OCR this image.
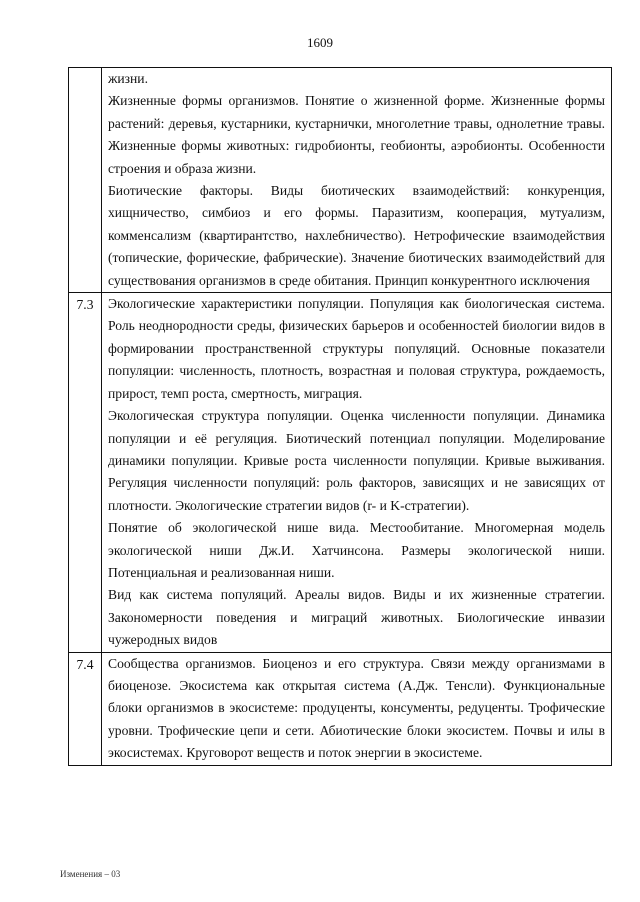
1609

	жизни.

Жизненные формы организмов. Понятие о жизненной форме. Жизненные формы растений: деревья, кустарники, кустарнички, многолетние травы, однолетние травы. Жизненные формы животных: гидробионты, геобионты, аэробионты. Особенности строения и образа жизни.

Биотические факторы. Виды биотических взаимодействий: конкуренция, хищничество, симбиоз и его формы. Паразитизм, кооперация, мутуализм, комменсализм (квартирантство, нахлебничество). Нетрофические взаимодействия (топические, форические, фабрические). Значение биотических взаимодействий для существования организмов в среде обитания. Принцип конкурентного исключения

7.3	Экологические характеристики популяции. Популяция как биологическая система. Роль неоднородности среды, физических барьеров и особенностей биологии видов в формировании пространственной структуры популяций. Основные показатели популяции: численность, плотность, возрастная и половая структура, рождаемость, прирост, темп роста, смертность, миграция.

Экологическая структура популяции. Оценка численности популяции. Динамика популяции и её регуляция. Биотический потенциал популяции. Моделирование динамики популяции. Кривые роста численности популяции. Кривые выживания. Регуляция численности популяций: роль факторов, зависящих и не зависящих от плотности. Экологические стратегии видов (r- и K-стратегии).

Понятие об экологической нише вида. Местообитание. Многомерная модель экологической ниши Дж.И. Хатчинсона. Размеры экологической ниши. Потенциальная и реализованная ниши.

Вид как система популяций. Ареалы видов. Виды и их жизненные стратегии. Закономерности поведения и миграций животных. Биологические инвазии чужеродных видов

7.4	Сообщества организмов. Биоценоз и его структура. Связи между организмами в биоценозе. Экосистема как открытая система (А.Дж. Тенсли). Функциональные блоки организмов в экосистеме: продуценты, консументы, редуценты. Трофические уровни. Трофические цепи и сети. Абиотические блоки экосистем. Почвы и илы в экосистемах. Круговорот веществ и поток энергии в экосистеме.

Изменения – 03
